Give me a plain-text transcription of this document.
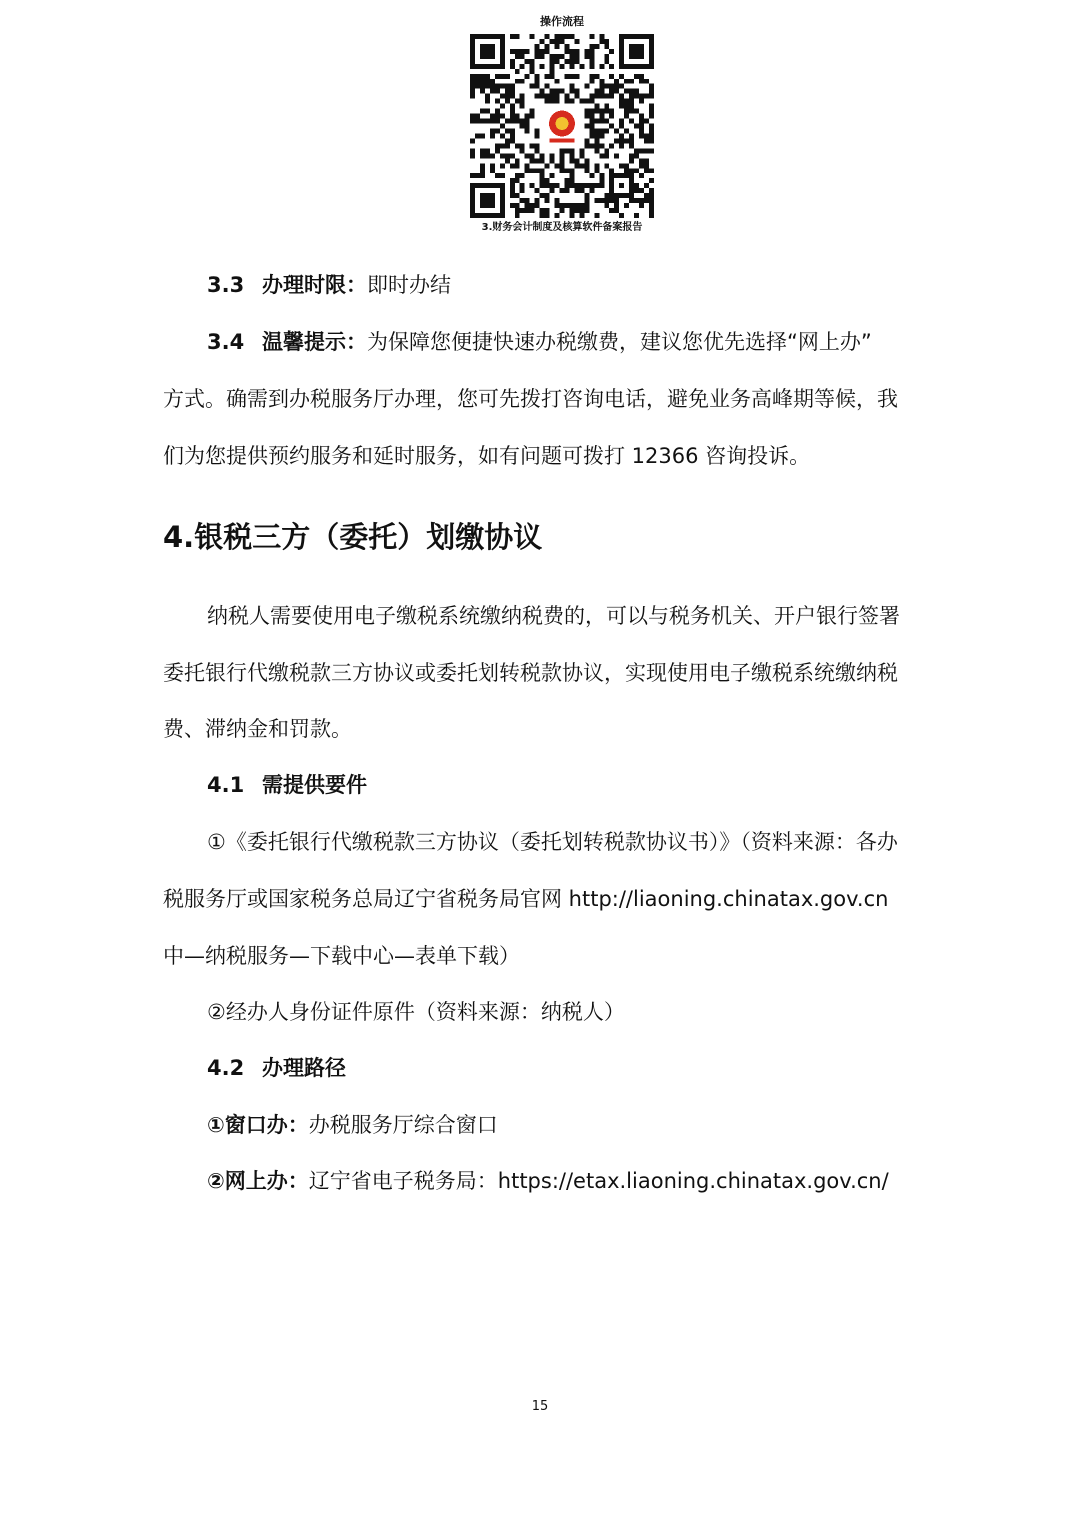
操作流程
3.财务会计制度及核算软件备案报告
3.3 办理时限：即时办结
3.4 温馨提示：为保障您便捷快速办税缴费，建议您优先选择“网上办”
方式。确需到办税服务厅办理，您可先拨打咨询电话，避免业务高峰期等候，我
们为您提供预约服务和延时服务，如有问题可拨打 12366 咨询投诉。
4.银税三方（委托）划缴协议
纳税人需要使用电子缴税系统缴纳税费的，可以与税务机关、开户银行签署
委托银行代缴税款三方协议或委托划转税款协议，实现使用电子缴税系统缴纳税
费、滞纳金和罚款。
4.1 需提供要件
①《委托银行代缴税款三方协议（委托划转税款协议书）》（资料来源：各办
税服务厅或国家税务总局辽宁省税务局官网 http://liaoning.chinatax.gov.cn
中—纳税服务—下载中心—表单下载）
②经办人身份证件原件（资料来源：纳税人）
4.2 办理路径
①窗口办：办税服务厅综合窗口
②网上办：辽宁省电子税务局：https://etax.liaoning.chinatax.gov.cn/
15
